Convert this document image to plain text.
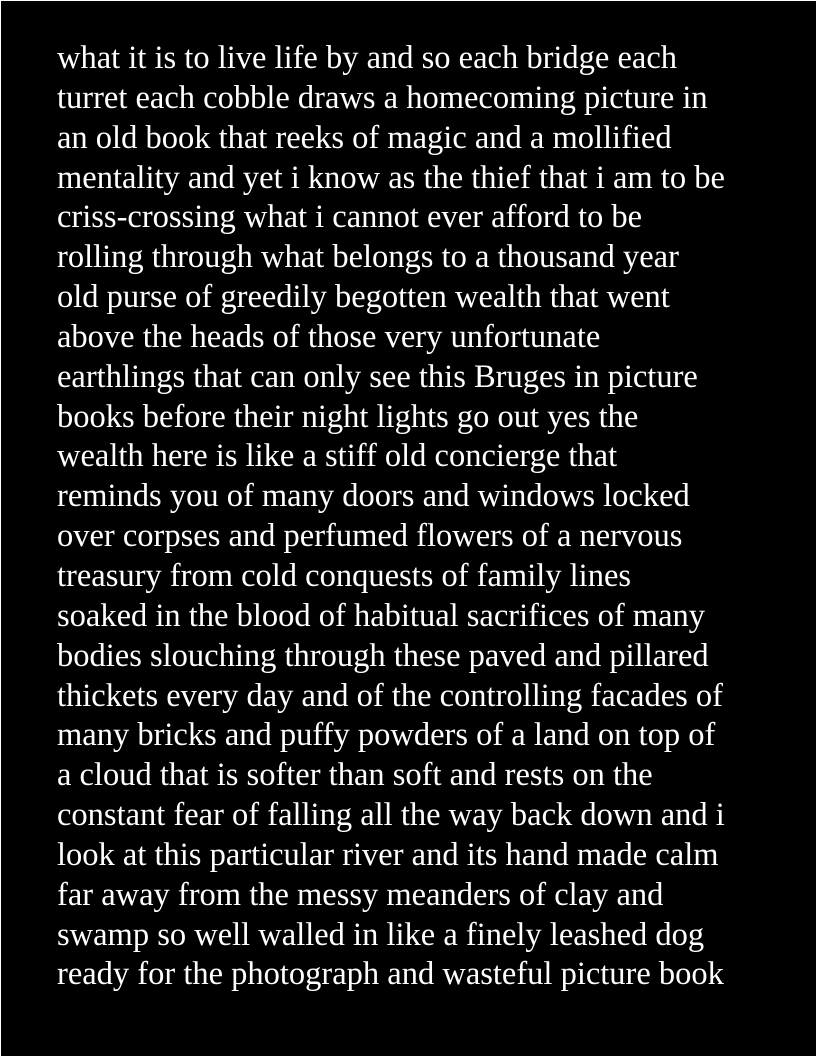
what it is to live life by and so each bridge each
turret each cobble draws a homecoming picture in
an old book that reeks of magic and a mollified
mentality and yet i know as the thief that i am to be
criss-crossing what i cannot ever afford to be
rolling through what belongs to a thousand year
old purse of greedily begotten wealth that went
above the heads of those very unfortunate
earthlings that can only see this Bruges in picture
books before their night lights go out yes the
wealth here is like a stiff old concierge that
reminds you of many doors and windows locked
over corpses and perfumed flowers of a nervous
treasury from cold conquests of family lines
soaked in the blood of habitual sacrifices of many
bodies slouching through these paved and pillared
thickets every day and of the controlling facades of
many bricks and puffy powders of a land on top of
a cloud that is softer than soft and rests on the
constant fear of falling all the way back down and i
look at this particular river and its hand made calm
far away from the messy meanders of clay and
swamp so well walled in like a finely leashed dog
ready for the photograph and wasteful picture book
